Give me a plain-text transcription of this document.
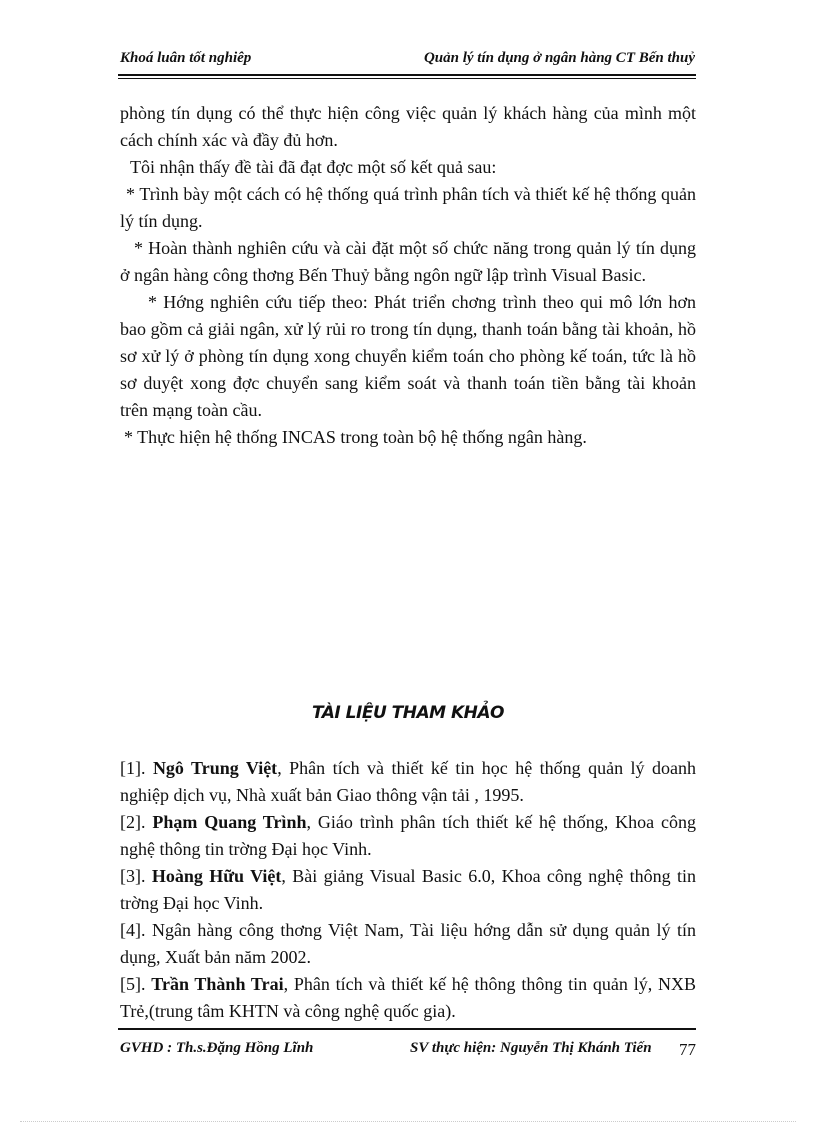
Khoá luân tốt nghiêp	Quản lý tín dụng ở ngân hàng CT Bến thuỷ

phòng tín dụng có thể thực hiện công việc quản lý khách hàng của mình một cách chính xác và đầy đủ hơn.

Tôi nhận thấy đề tài đã đạt đợc một số kết quả sau:

* Trình bày một cách có hệ thống quá trình phân tích và thiết kế hệ thống quản lý tín dụng.

* Hoàn thành nghiên cứu và cài đặt một số chức năng trong quản lý tín dụng ở ngân hàng công thơng Bến Thuỷ bằng ngôn ngữ lập trình Visual Basic.

* Hớng nghiên cứu tiếp theo: Phát triển chơng trình theo qui mô lớn hơn bao gồm cả giải ngân, xử lý rủi ro trong tín dụng, thanh toán bằng tài khoản, hồ sơ xử lý ở phòng tín dụng xong chuyển kiểm toán cho phòng kế toán, tức là hồ sơ duyệt xong đợc chuyển sang kiểm soát và thanh toán tiền bằng tài khoản trên mạng toàn cầu.

* Thực hiện hệ thống INCAS trong toàn bộ hệ thống ngân hàng.

TÀI LIỆU THAM KHẢO

[1]. Ngô Trung Việt, Phân tích và thiết kế tin học hệ thống quản lý doanh nghiệp dịch vụ, Nhà xuất bản Giao thông vận tải , 1995.

[2]. Phạm Quang Trình, Giáo trình phân tích thiết kế hệ thống, Khoa công nghệ thông tin trờng Đại học Vinh.

[3]. Hoàng Hữu Việt, Bài giảng Visual Basic 6.0, Khoa công nghệ thông tin trờng Đại học Vinh.

[4]. Ngân hàng công thơng Việt Nam, Tài liệu hớng dẫn sử dụng quản lý tín dụng, Xuất bản năm 2002.

[5]. Trần Thành Trai, Phân tích và thiết kế hệ thông thông tin quản lý, NXB Trẻ,(trung tâm KHTN và công nghệ quốc gia).

GVHD : Th.s.Đặng Hồng Lĩnh	SV thực hiện: Nguyễn Thị Khánh Tiến 77
